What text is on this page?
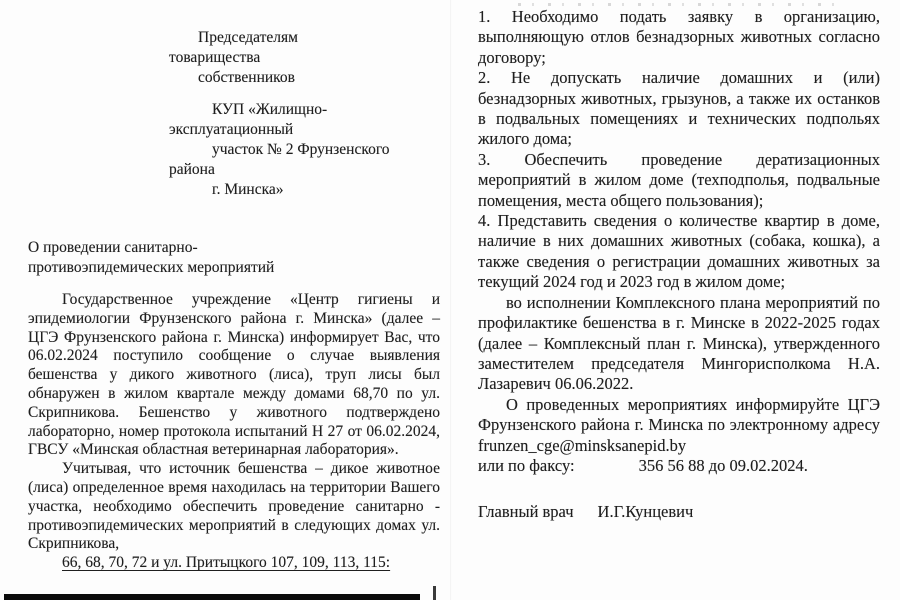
Председателям
товарищества
собственников
КУП «Жилищно-
эксплуатационный
участок № 2 Фрунзенского
района
г. Минска»
О проведении санитарно-противоэпидемических мероприятий

Государственное учреждение «Центр гигиены и эпидемиологии Фрунзенского района г. Минска» (далее – ЦГЭ Фрунзенского района г. Минска) информирует Вас, что 06.02.2024 поступило сообщение о случае выявления бешенства у дикого животного (лиса), труп лисы был обнаружен в жилом квартале между домами 68,70 по ул. Скрипникова. Бешенство у животного подтверждено лабораторно, номер протокола испытаний Н 27 от 06.02.2024, ГВСУ «Минская областная ветеринарная лаборатория».

Учитывая, что источник бешенства – дикое животное (лиса) определенное время находилась на территории Вашего участка, необходимо обеспечить проведение санитарно - противоэпидемических мероприятий в следующих домах ул. Скрипникова,

66, 68, 70, 72 и ул. Притыцкого 107, 109, 113, 115:

1. Необходимо подать заявку в организацию, выполняющую отлов безнадзорных животных согласно договору;

2. Не допускать наличие домашних и (или) безнадзорных животных, грызунов, а также их останков в подвальных помещениях и технических подпольях жилого дома;

3. Обеспечить проведение дератизационных мероприятий в жилом доме (техподполья, подвальные помещения, места общего пользования);

4. Представить сведения о количестве квартир в доме, наличие в них домашних животных (собака, кошка), а также сведения о регистрации домашних животных за текущий 2024 год и 2023 год в жилом доме;

во исполнении Комплексного плана мероприятий по профилактике бешенства в г. Минске в 2022-2025 годах (далее – Комплексный план г. Минска), утвержденного заместителем председателя Мингорисполкома Н.А. Лазаревич 06.06.2022.

О проведенных мероприятиях информируйте ЦГЭ Фрунзенского района г. Минска по электронному адресу frunzen_cge@minsksanepid.by

или по факсу:	356 56 88 до 09.02.2024.
Главный врач И.Г.Кунцевич
